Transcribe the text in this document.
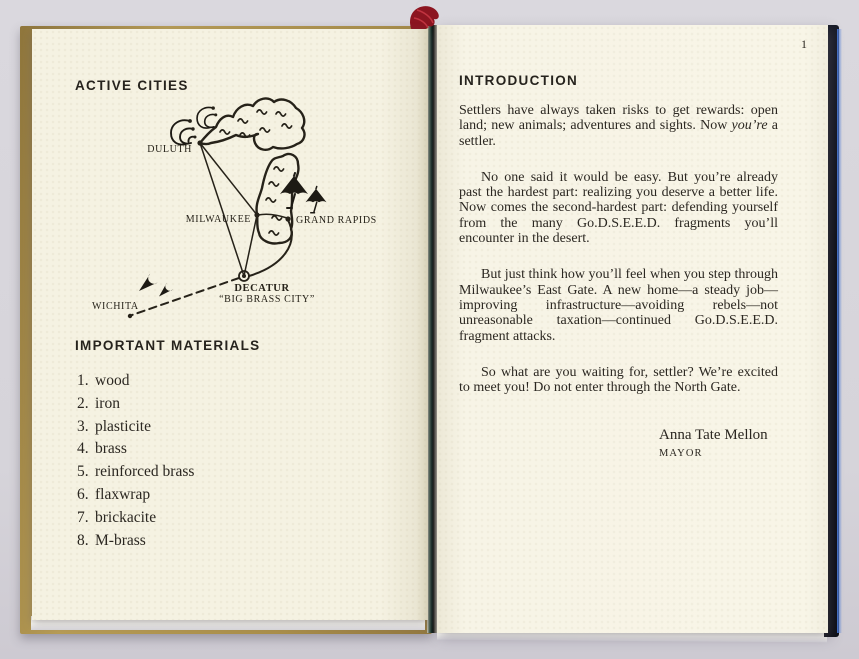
ACTIVE CITIES
DULUTH
MILWAUKEE	GRAND RAPIDS
WICHITA
DECATUR
“BIG BRASS CITY”
IMPORTANT MATERIALS
1. wood
2. iron
3. plasticite
4. brass
5. reinforced brass
6. flaxwrap
7. brickacite
8. M-brass
1
INTRODUCTION

Settlers have always taken risks to get rewards: open land; new animals; adventures and sights. Now you’re a settler.

No one said it would be easy. But you’re already past the hardest part: realizing you deserve a better life. Now comes the second-hardest part: defending yourself from the many Go.D.S.E.E.D. fragments you’ll encounter in the desert.

But just think how you’ll feel when you step through Milwaukee’s East Gate. A new home—a steady job—improving infrastructure—avoiding rebels—not unreasonable taxation—continued Go.D.S.E.E.D. fragment attacks.

So what are you waiting for, settler? We’re excited to meet you! Do not enter through the North Gate.

Anna Tate Mellon
MAYOR
